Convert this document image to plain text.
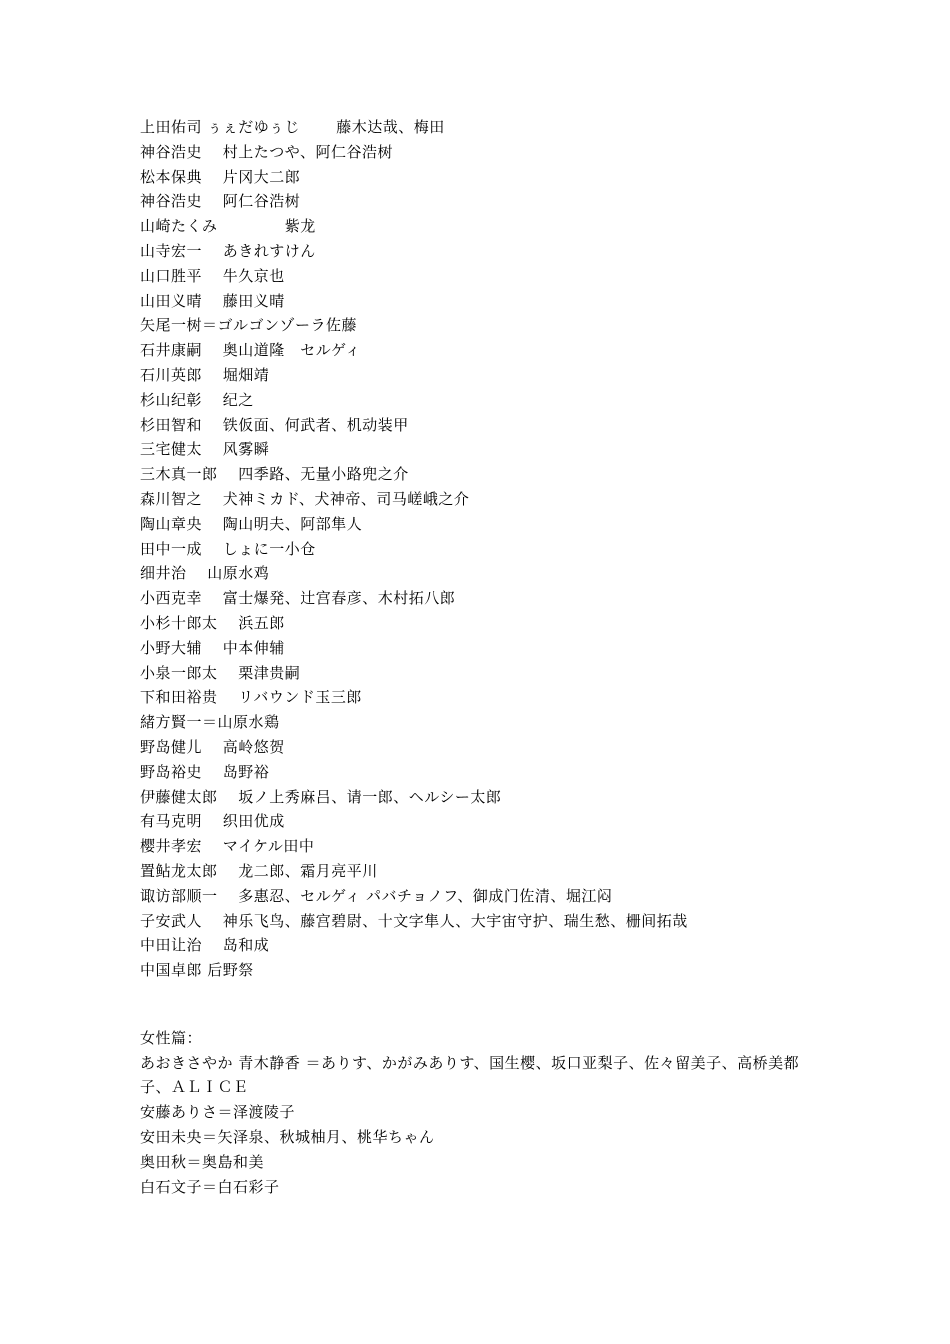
上田佑司 ぅぇだゆぅじ　　 藤木达哉、梅田
神谷浩史　 村上たつや、阿仁谷浩树
松本保典　 片冈大二郎
神谷浩史　 阿仁谷浩树
山崎たくみ　　　　 紫龙
山寺宏一　 あきれすけん
山口胜平　 牛久京也
山田义晴　 藤田义晴
矢尾一树＝ゴルゴンゾーラ佐藤
石井康嗣　 奥山道隆　セルゲィ
石川英郎　 堀畑靖
杉山纪彰　 纪之
杉田智和　 铁仮面、何武者、机动装甲
三宅健太　 风雾瞬
三木真一郎　 四季路、无量小路兜之介
森川智之　 犬神ミカド、犬神帝、司马嵯峨之介
陶山章央　 陶山明夫、阿部隼人
田中一成　 しょに一小仓
细井治　 山原水鸡
小西克幸　 富士爆発、辻宫春彦、木村拓八郎
小杉十郎太　 浜五郎
小野大辅　 中本伸辅
小泉一郎太　 栗津贵嗣
下和田裕贵　 リバウンド玉三郎
緒方賢一＝山原水鶏
野岛健儿　 高岭悠贺
野岛裕史　 岛野裕
伊藤健太郎　 坂ノ上秀麻吕、请一郎、ヘルシー太郎
有马克明　 织田优成
樱井孝宏　 マイケル田中
置鲇龙太郎　 龙二郎、霜月亮平川
诹访部顺一　 多惠忍、セルゲィ パバチョノフ、御成门佐清、堀江闷
子安武人　 神乐飞鸟、藤宫碧尉、十文字隼人、大宇宙守护、瑞生愁、栅间拓哉
中田让治　 岛和成
中国卓郎 后野祭
女性篇：
あおきさやか 青木静香 ＝ありす、かがみありす、国生樱、坂口亚梨子、佐々留美子、高桥美都子、ＡＬＩＣＥ
安藤ありさ＝泽渡陵子
安田未央＝矢泽泉、秋城柚月、桃华ちゃん
奥田秋＝奥島和美
白石文子＝白石彩子
